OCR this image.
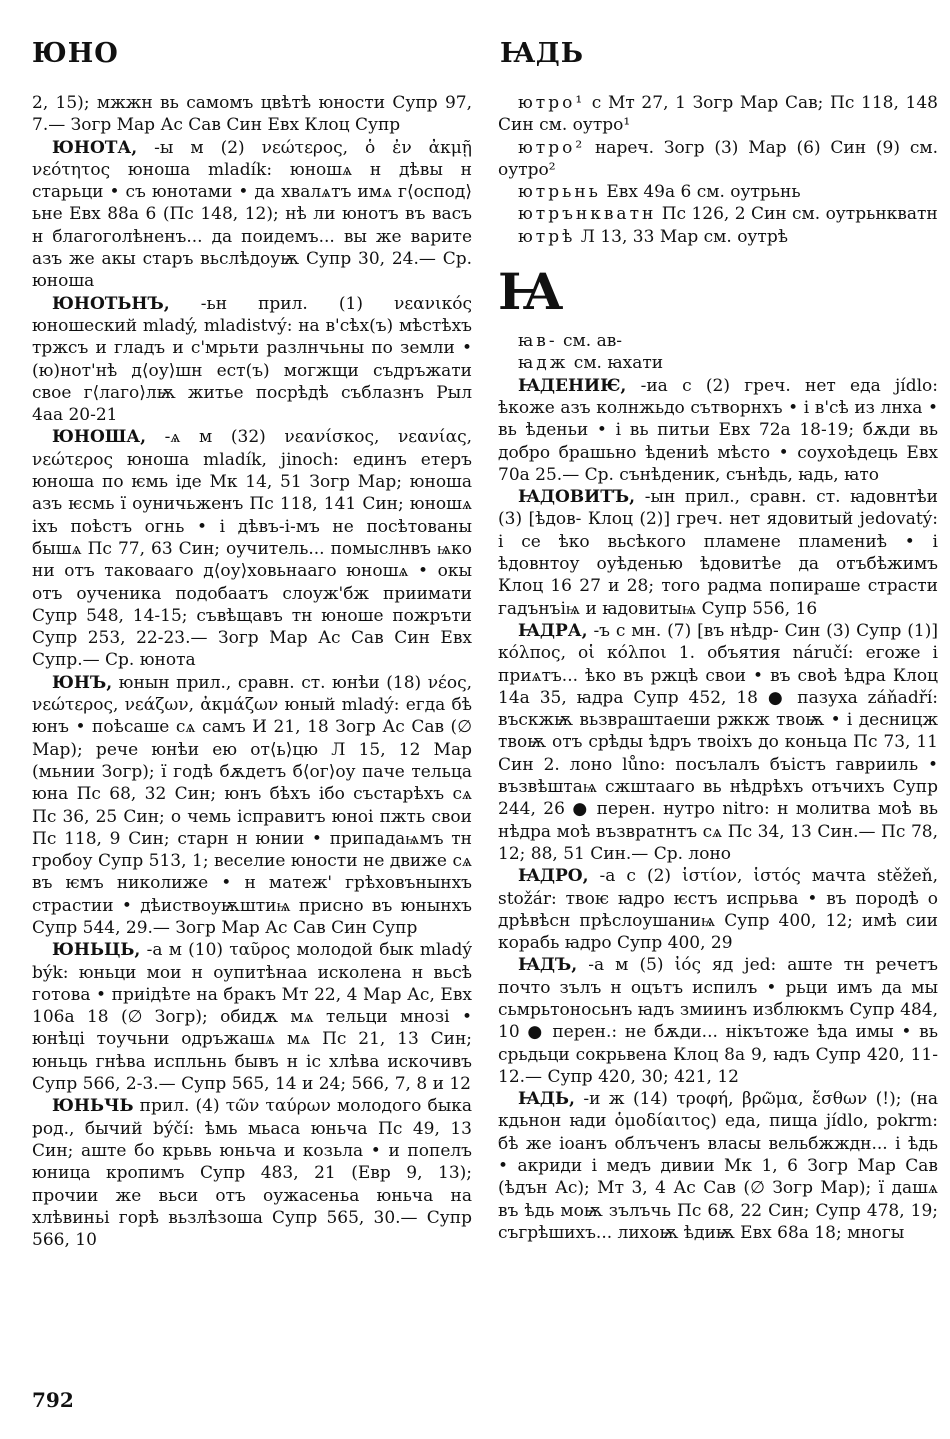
ЮНО	ꙖДЬ

2, 15); мжжн вь самомъ цвѣтѣ юности Супр 97, 7.— Зогр Мар Ас Сав Син Евх Клоц Супр

ЮНОТА, -ы м (2) νεώτερος, ὁ ἐν ἀκμῇ νεότητος юноша mladík: юношѧ н дѣвы н старьци • съ юнотами • да хвалѧтъ имѧ г⟨оспод⟩ьне Евх 88а 6 (Пс 148, 12); нѣ ли юнотъ въ васъ н благоголѣненъ... да поидемъ... вы же варите азъ же акы старъ вьслѣдоуѭ Супр 30, 24.— Ср. юноша

ЮНОТЬНЪ, -ьн прил. (1) νεανικός юношеский mladý, mladistvý: на в'сѣх(ъ) мѣстѣхъ тржсъ и гладъ и с'мрьти разлнчьны по земли • (ю)нот'нѣ д⟨оу⟩шн ест(ъ) могжщи съдръжати свое г⟨лаго⟩лѭ житье посрѣдѣ съблазнъ Рыл 4аа 20-21

ЮНОША, -ѧ м (32) νεανίσκος, νεανίας, νεώτερος юноша mladík, jinoch: единъ етеръ юноша по ѥмь іде Мк 14, 51 Зогр Мар; юноша азъ ѥсмь ї оуничьженъ Пс 118, 141 Син; юношѧ іхъ поѣстъ огнь • і дѣвъ-і-мъ не посѣтованы бышѧ Пс 77, 63 Син; оучитель... помыслнвъ ѩко ни отъ таковааго д⟨оу⟩ховьнааго юношѧ • окы отъ оученика подобаатъ слоуж'бж приимати Супр 548, 14-15; съвѣщавъ тн юноше пожръти Супр 253, 22-23.— Зогр Мар Ас Сав Син Евх Супр.— Ср. юнота

ЮНЪ, юнын прил., сравн. ст. юнѣи (18) νέος, νεώτερος, νεάζων, ἀκμάζων юный mladý: егда бѣ юнъ • поѣсаше сѧ самъ И 21, 18 Зогр Ас Сав (∅ Мар); рече юнѣи ею от⟨ь⟩цю Л 15, 12 Мар (мьнии Зогр); ї годѣ бѫдетъ б⟨ог⟩оу паче тельца юна Пс 68, 32 Син; юнъ бѣхъ ібо състарѣхъ сѧ Пс 36, 25 Син; о чемь ісправитъ юноі пжть свои Пс 118, 9 Син; старн н юнии • припадаѩмъ тн гробоу Супр 513, 1; веселие юности не движе сѧ въ ѥмъ николиже • н матеж' грѣховънынхъ страстии • дѣиствоуѭштиѩ присно въ юнынхъ Супр 544, 29.— Зогр Мар Ас Сав Син Супр

ЮНЬЦЬ, -а м (10) ταῦρος молодой бык mladý býk: юньци мои н оупитѣнаа исколена н вьсѣ готова • приідѣте на бракъ Мт 22, 4 Мар Ас, Евх 106а 18 (∅ Зогр); обидѫ мѧ тельци мнозі • юнѣці тоучьни одръжашѧ мѧ Пс 21, 13 Син; юньць гнѣва испльнь бывъ н іс хлѣва искочивъ Супр 566, 2-3.— Супр 565, 14 и 24; 566, 7, 8 и 12

ЮНЬЧЬ прил. (4) τῶν ταύρων молодого быка род., бычий býčí: ѣмь мьаса юньча Пс 49, 13 Син; аште бо крьвь юньча и козьла • и попелъ юница кропимъ Супр 483, 21 (Евр 9, 13); прочии же вьси отъ оужасеньа юньча на хлѣвиньі горѣ вьзлѣзоша Супр 565, 30.— Супр 566, 10

ютро¹ с Мт 27, 1 Зогр Мар Сав; Пс 118, 148 Син см. оутро¹

ютро² нареч. Зогр (3) Мар (6) Син (9) см. оутро²

ютрьнь Евх 49а 6 см. оутрьнь

ютрънкватн Пс 126, 2 Син см. оутрьнкватн

ютрѣ Л 13, 33 Мар см. оутрѣ

Ꙗ

ꙗв- см. ав-

ꙗдж см. ꙗхати

ꙖДЕНИѤ, -иа с (2) греч. нет еда jídlo: ѣкоже азъ колнжьдо сътворнхъ • і в'сѣ из лнха • вь ѣденьи • і вь питьи Евх 72а 18-19; бѫди вь добро брашьно ѣдениѣ мѣсто • соухоѣдець Евх 70а 25.— Ср. сънѣденик, сънѣдь, ꙗдь, ꙗто

ꙖДОВИТЪ, -ын прил., сравн. ст. ꙗдовнтѣи (3) [ѣдов- Клоц (2)] греч. нет ядовитый jedovatý: і се ѣко вьсѣкого пламене пламениѣ • і ѣдовнтоу оуѣденью ѣдовитѣе да отъбѣжимъ Клоц 16 27 и 28; того радма попираше страсти гадънъіѩ и ꙗдовитыѩ Супр 556, 16

ꙖДРА, -ъ с мн. (7) [въ нѣдр- Син (3) Супр (1)] κόλπος, οἱ κόλποι 1. объятия náručí: егоже і приѧтъ... ѣко въ ржцѣ свои • въ своѣ ѣдра Клоц 14а 35, ꙗдра Супр 452, 18 ● пазуха záňadří: въскжѭ вьзвраштаеши ржкж твоѭ • і десницж твоѭ отъ срѣды ѣдръ твоіхъ до коньца Пс 73, 11 Син 2. лоно lůno: посълалъ бъістъ гаврииль • възвѣштаѩ сжштааго вь нѣдрѣхъ отъчихъ Супр 244, 26 ● перен. нутро nitro: н молитва моѣ вь нѣдра моѣ възвратнтъ сѧ Пс 34, 13 Син.— Пс 78, 12; 88, 51 Син.— Ср. лоно

ꙖДРО, -а с (2) ἱστίον, ἱστός мачта stěžeň, stožár: твоѥ ꙗдро ѥстъ испрьва • въ породѣ о дрѣвѣсн прѣслоушаниѩ Супр 400, 12; имѣ сии корабь ꙗдро Супр 400, 29

ꙖДЪ, -а м (5) ἰός яд jed: аште тн речетъ почто зълъ н оцътъ испилъ • рьци имъ да мы сьмрьтоносьнъ ꙗдъ змиинъ изблюкмъ Супр 484, 10 ● перен.: не бѫди... нікътоже ѣда имы • вь срьдьци сокрьвена Клоц 8а 9, ꙗдъ Супр 420, 11-12.— Супр 420, 30; 421, 12

ꙖДЬ, -и ж (14) τροφή, βρῶμα, ἔσθων (!); (на кдьнон ꙗди ὁμοδίαιτος) еда, пища jídlo, pokrm: бѣ же іоанъ облъченъ власы вельбжждн... і ѣдь • акриди і медъ дивии Мк 1, 6 Зогр Мар Сав (ѣдън Ас); Мт 3, 4 Ас Сав (∅ Зогр Мар); ї дашѧ въ ѣдь моѭ зълъчь Пс 68, 22 Син; Супр 478, 19; съгрѣшихъ... лихоѭ ѣдиѭ Евх 68а 18; многы

792
